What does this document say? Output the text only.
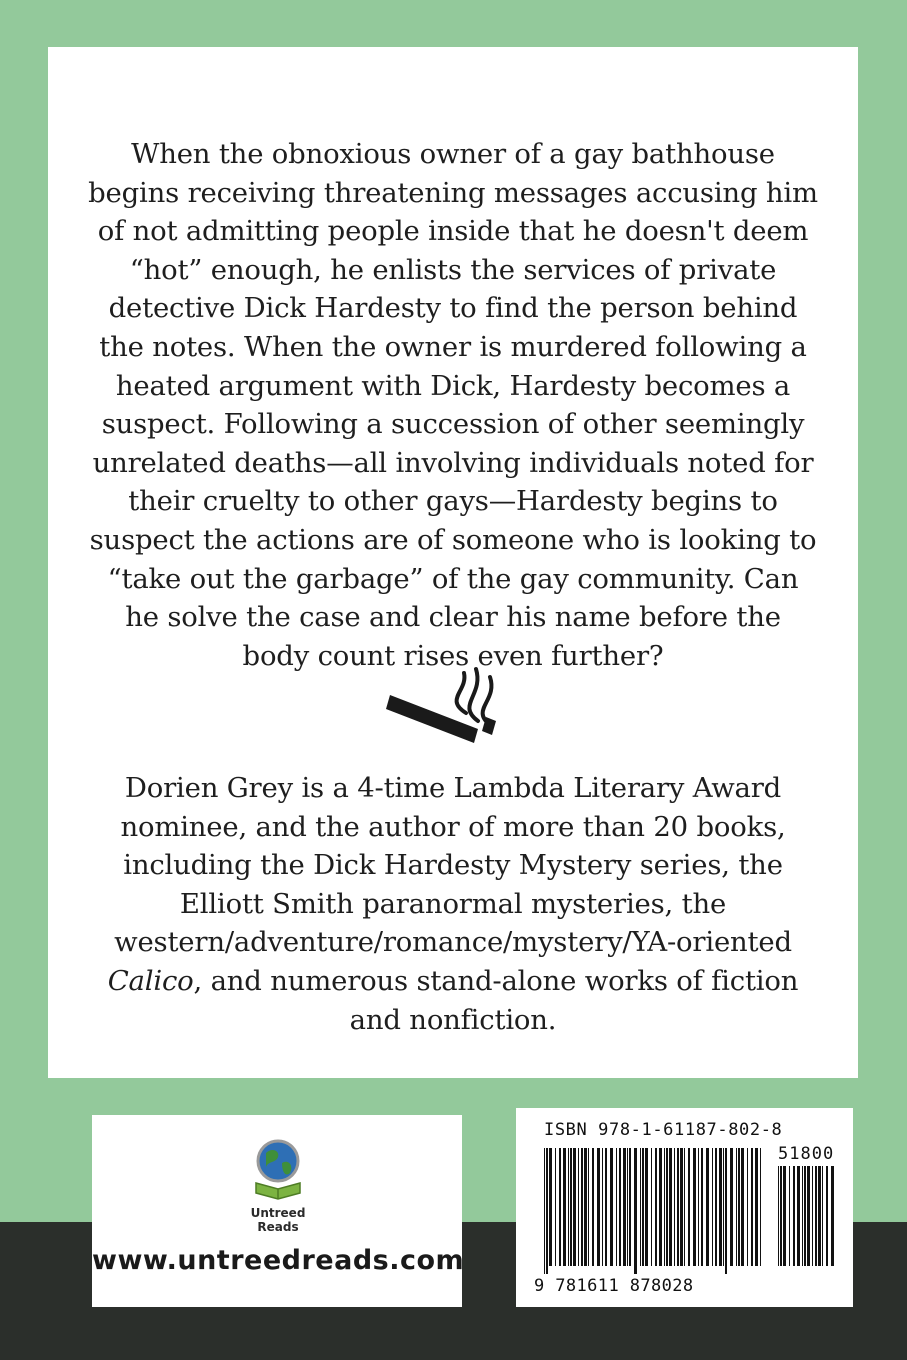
When the obnoxious owner of a gay bathhouse begins receiving threatening messages accusing him of not admitting people inside that he doesn't deem “hot” enough, he enlists the services of private detective Dick Hardesty to find the person behind the notes. When the owner is murdered following a heated argument with Dick, Hardesty becomes a suspect. Following a succession of other seemingly unrelated deaths—all involving individuals noted for their cruelty to other gays—Hardesty begins to suspect the actions are of someone who is looking to “take out the garbage” of the gay community. Can he solve the case and clear his name before the body count rises even further?

Dorien Grey is a 4-time Lambda Literary Award nominee, and the author of more than 20 books, including the Dick Hardesty Mystery series, the Elliott Smith paranormal mysteries, the western/adventure/romance/mystery/YA-oriented Calico, and numerous stand-alone works of fiction and nonfiction.

Untreed
Reads
www.untreedreads.com
ISBN 978-1-61187-802-8
51800
9 781611 878028
